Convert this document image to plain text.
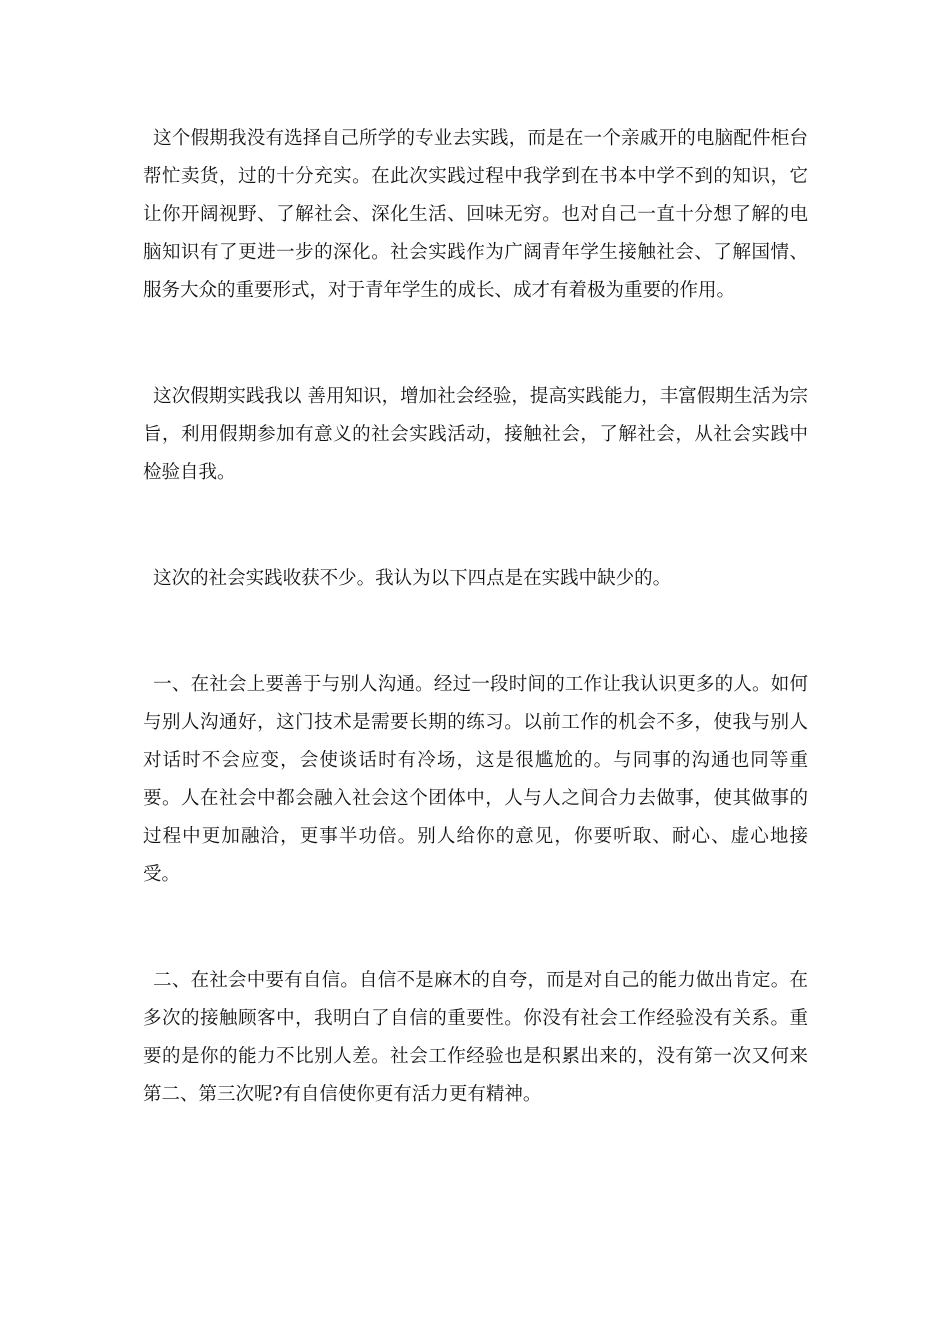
这个假期我没有选择自己所学的专业去实践，而是在一个亲戚开的电脑配件柜台帮忙卖货，过的十分充实。在此次实践过程中我学到在书本中学不到的知识，它让你开阔视野、了解社会、深化生活、回味无穷。也对自己一直十分想了解的电脑知识有了更进一步的深化。社会实践作为广阔青年学生接触社会、了解国情、服务大众的重要形式，对于青年学生的成长、成才有着极为重要的作用。

这次假期实践我以 善用知识，增加社会经验，提高实践能力，丰富假期生活为宗旨，利用假期参加有意义的社会实践活动，接触社会，了解社会，从社会实践中检验自我。

这次的社会实践收获不少。我认为以下四点是在实践中缺少的。

一、在社会上要善于与别人沟通。经过一段时间的工作让我认识更多的人。如何与别人沟通好，这门技术是需要长期的练习。以前工作的机会不多，使我与别人对话时不会应变，会使谈话时有冷场，这是很尴尬的。与同事的沟通也同等重要。人在社会中都会融入社会这个团体中，人与人之间合力去做事，使其做事的过程中更加融洽，更事半功倍。别人给你的意见，你要听取、耐心、虚心地接受。

二、在社会中要有自信。自信不是麻木的自夸，而是对自己的能力做出肯定。在多次的接触顾客中，我明白了自信的重要性。你没有社会工作经验没有关系。重要的是你的能力不比别人差。社会工作经验也是积累出来的，没有第一次又何来第二、第三次呢?有自信使你更有活力更有精神。
